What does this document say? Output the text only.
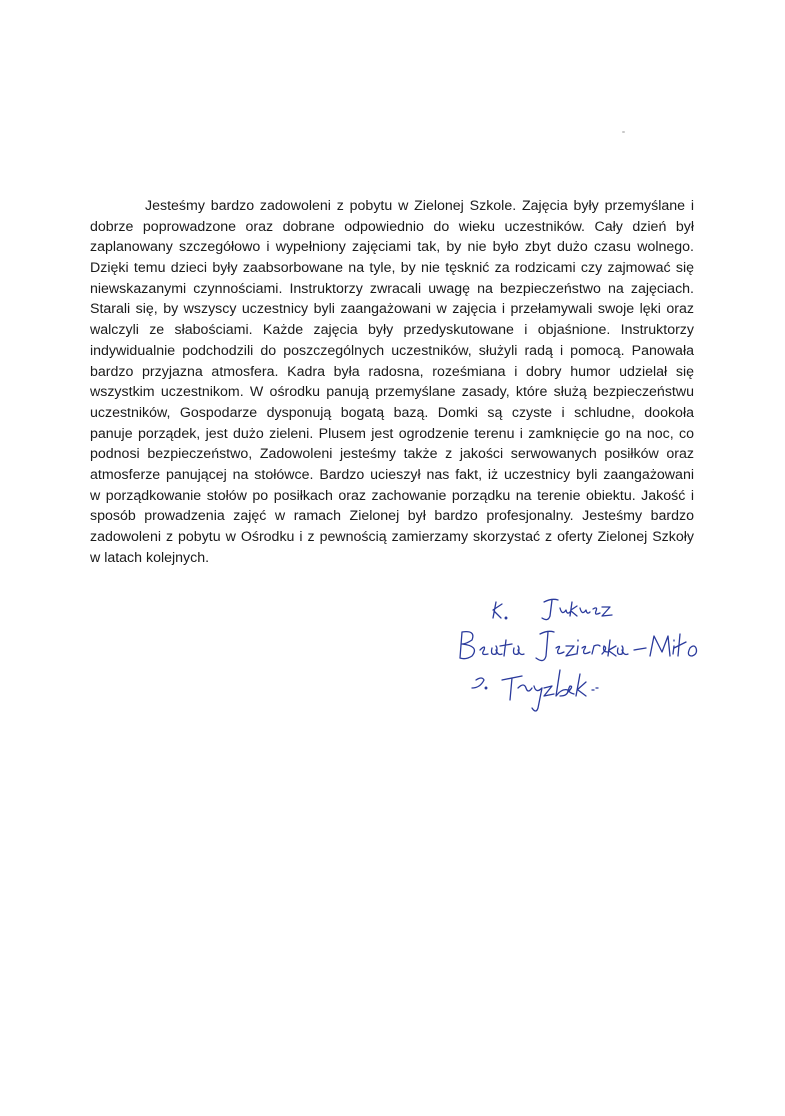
Jesteśmy bardzo zadowoleni z pobytu w Zielonej Szkole. Zajęcia były przemyślane i
dobrze poprowadzone oraz dobrane odpowiednio do wieku uczestników. Cały dzień był
zaplanowany szczegółowo i wypełniony zajęciami tak, by nie było zbyt dużo czasu wolnego.
Dzięki temu dzieci były zaabsorbowane na tyle, by nie tęsknić za rodzicami czy zajmować się
niewskazanymi czynnościami. Instruktorzy zwracali uwagę na bezpieczeństwo na zajęciach.
Starali się, by wszyscy uczestnicy byli zaangażowani w zajęcia i przełamywali swoje lęki oraz
walczyli ze słabościami. Każde zajęcia były przedyskutowane i objaśnione. Instruktorzy
indywidualnie podchodzili do poszczególnych uczestników, służyli radą i pomocą. Panowała
bardzo przyjazna atmosfera. Kadra była radosna, roześmiana i dobry humor udzielał się
wszystkim uczestnikom. W ośrodku panują przemyślane zasady, które służą bezpieczeństwu
uczestników, Gospodarze dysponują bogatą bazą. Domki są czyste i schludne, dookoła
panuje porządek, jest dużo zieleni. Plusem jest ogrodzenie terenu i zamknięcie go na noc, co
podnosi bezpieczeństwo, Zadowoleni jesteśmy także z jakości serwowanych posiłków oraz
atmosferze panującej na stołówce. Bardzo ucieszył nas fakt, iż uczestnicy byli zaangażowani
w porządkowanie stołów po posiłkach oraz zachowanie porządku na terenie obiektu. Jakość i
sposób prowadzenia zajęć w ramach Zielonej był bardzo profesjonalny. Jesteśmy bardzo
zadowoleni z pobytu w Ośrodku i z pewnością zamierzamy skorzystać z oferty Zielonej Szkoły
w latach kolejnych.
